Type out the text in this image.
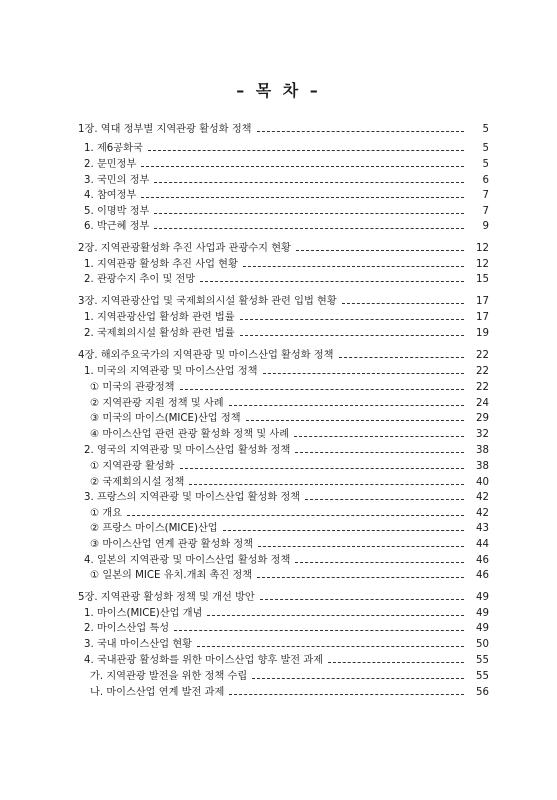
– 목 차 –
1장. 역대 정부별 지역관광 활성화 정책	5
1. 제6공화국	5
2. 문민정부	5
3. 국민의 정부	6
4. 참여정부	7
5. 이명박 정부	7
6. 박근혜 정부	9
2장. 지역관광활성화 추진 사업과 관광수지 현황	12
1. 지역관광 활성화 추진 사업 현황	12
2. 관광수지 추이 및 전망	15
3장. 지역관광산업 및 국제회의시설 활성화 관련 입법 현황	17
1. 지역관광산업 활성화 관련 법률	17
2. 국제회의시설 활성화 관련 법률	19
4장. 해외주요국가의 지역관광 및 마이스산업 활성화 정책	22
1. 미국의 지역관광 및 마이스산업 정책	22
① 미국의 관광정책	22
② 지역관광 지원 정책 및 사례	24
③ 미국의 마이스(MICE)산업 정책	29
④ 마이스산업 관련 관광 활성화 정책 및 사례	32
2. 영국의 지역관광 및 마이스산업 활성화 정책	38
① 지역관광 활성화	38
② 국제회의시설 정책	40
3. 프랑스의 지역관광 및 마이스산업 활성화 정책	42
① 개요	42
② 프랑스 마이스(MICE)산업	43
③ 마이스산업 연계 관광 활성화 정책	44
4. 일본의 지역관광 및 마이스산업 활성화 정책	46
① 일본의 MICE 유치.개최 촉진 정책	46
5장. 지역관광 활성화 정책 및 개선 방안	49
1. 마이스(MICE)산업 개념	49
2. 마이스산업 특성	49
3. 국내 마이스산업 현황	50
4. 국내관광 활성화를 위한 마이스산업 향후 발전 과제	55
가. 지역관광 발전을 위한 정책 수립	55
나. 마이스산업 연계 발전 과제	56
